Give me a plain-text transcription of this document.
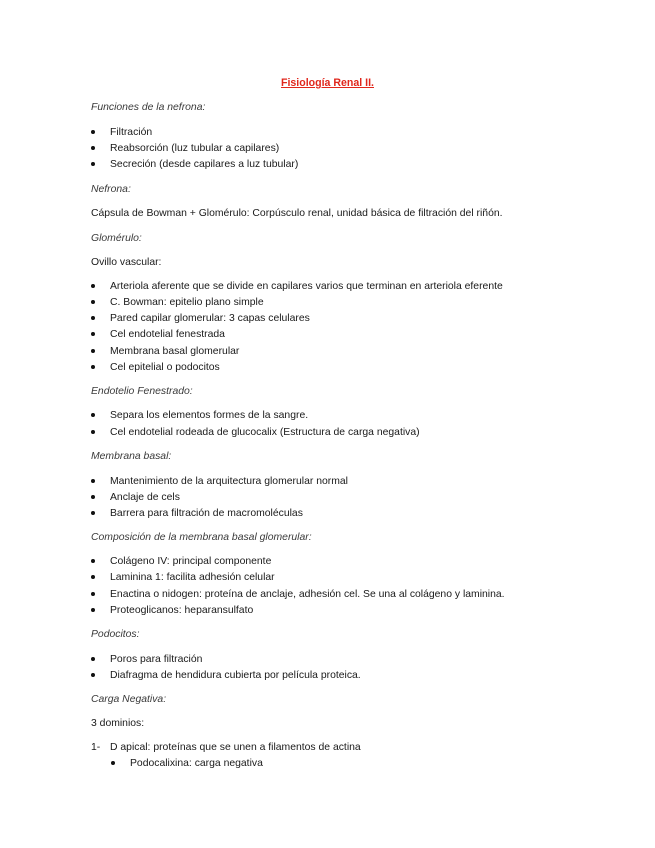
Fisiología Renal II.
Funciones de la nefrona:
Filtración
Reabsorción (luz tubular a capilares)
Secreción (desde capilares a luz tubular)
Nefrona:
Cápsula de Bowman + Glomérulo: Corpúsculo renal, unidad básica de filtración del riñón.
Glomérulo:
Ovillo vascular:
Arteriola aferente que se divide en capilares varios que terminan en arteriola eferente
C. Bowman: epitelio plano simple
Pared capilar glomerular: 3 capas celulares
Cel endotelial fenestrada
Membrana basal glomerular
Cel epitelial o podocitos
Endotelio Fenestrado:
Separa los elementos formes de la sangre.
Cel endotelial rodeada de glucocalix (Estructura de carga negativa)
Membrana basal:
Mantenimiento de la arquitectura glomerular normal
Anclaje de cels
Barrera para filtración de macromoléculas
Composición de la membrana basal glomerular:
Colágeno IV: principal componente
Laminina 1: facilita adhesión celular
Enactina o nidogen: proteína de anclaje, adhesión cel. Se una al colágeno y laminina.
Proteoglicanos: heparansulfato
Podocitos:
Poros para filtración
Diafragma de hendidura cubierta por película proteica.
Carga Negativa:
3 dominios:
1- D apical: proteínas que se unen a filamentos de actina
Podocalixina: carga negativa
